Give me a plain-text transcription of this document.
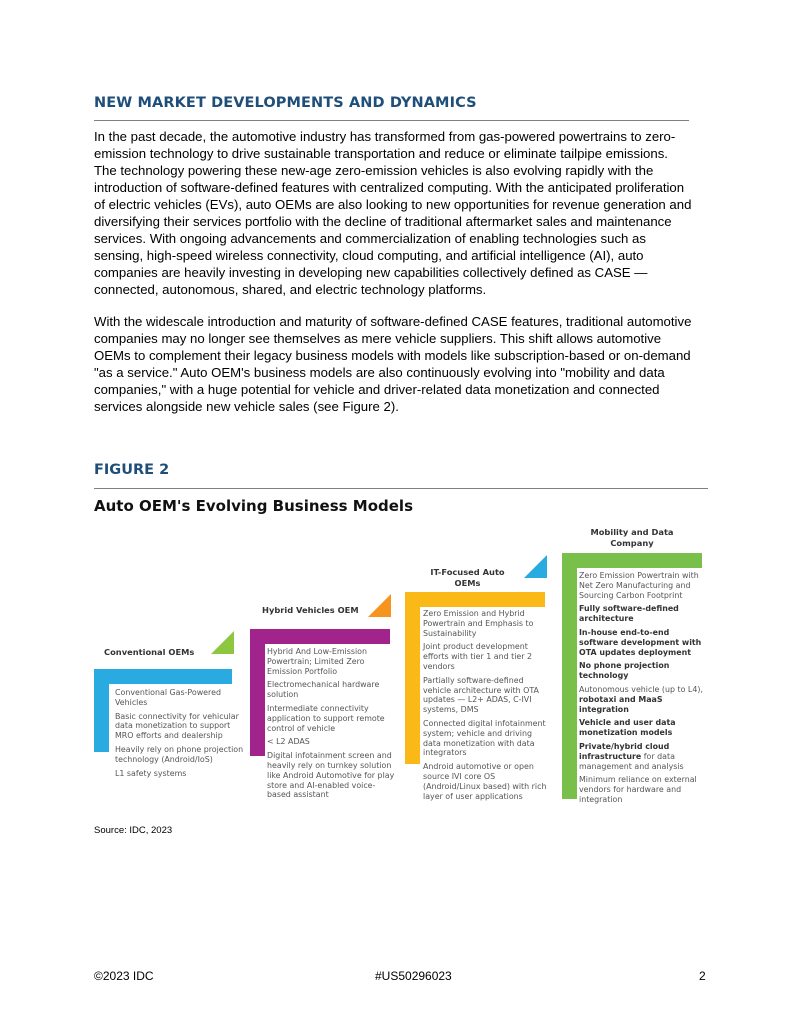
NEW MARKET DEVELOPMENTS AND DYNAMICS

In the past decade, the automotive industry has transformed from gas-powered powertrains to zero-
emission technology to drive sustainable transportation and reduce or eliminate tailpipe emissions.
The technology powering these new-age zero-emission vehicles is also evolving rapidly with the
introduction of software-defined features with centralized computing. With the anticipated proliferation
of electric vehicles (EVs), auto OEMs are also looking to new opportunities for revenue generation and
diversifying their services portfolio with the decline of traditional aftermarket sales and maintenance
services. With ongoing advancements and commercialization of enabling technologies such as
sensing, high-speed wireless connectivity, cloud computing, and artificial intelligence (AI), auto
companies are heavily investing in developing new capabilities collectively defined as CASE —
connected, autonomous, shared, and electric technology platforms.

With the widescale introduction and maturity of software-defined CASE features, traditional automotive
companies may no longer see themselves as mere vehicle suppliers. This shift allows automotive
OEMs to complement their legacy business models with models like subscription-based or on-demand
"as a service." Auto OEM's business models are also continuously evolving into "mobility and data
companies," with a huge potential for vehicle and driver-related data monetization and connected
services alongside new vehicle sales (see Figure 2).

FIGURE 2
Auto OEM's Evolving Business Models
Conventional OEMs
Conventional Gas-Powered Vehicles
Basic connectivity for vehicular data monetization to support MRO efforts and dealership
Heavily rely on phone projection technology (Android/IoS)
L1 safety systems
Hybrid Vehicles OEM
Hybrid And Low-Emission Powertrain; Limited Zero Emission Portfolio
Electromechanical hardware solution
Intermediate connectivity application to support remote control of vehicle
< L2 ADAS
Digital infotainment screen and heavily rely on turnkey solution like Android Automotive for play store and AI-enabled voice-based assistant
IT-Focused Auto OEMs
Zero Emission and Hybrid Powertrain and Emphasis to Sustainability
Joint product development efforts with tier 1 and tier 2 vendors
Partially software-defined vehicle architecture with OTA updates — L2+ ADAS, C-IVI systems, DMS
Connected digital infotainment system; vehicle and driving data monetization with data integrators
Android automotive or open source IVI core OS (Android/Linux based) with rich layer of user applications
Mobility and Data Company
Zero Emission Powertrain with Net Zero Manufacturing and Sourcing Carbon Footprint
Fully software-defined architecture
In-house end-to-end software development with OTA updates deployment
No phone projection technology
Autonomous vehicle (up to L4), robotaxi and MaaS integration
Vehicle and user data monetization models
Private/hybrid cloud infrastructure for data management and analysis
Minimum reliance on external vendors for hardware and integration
Source: IDC, 2023
©2023 IDC	#US50296023	2
